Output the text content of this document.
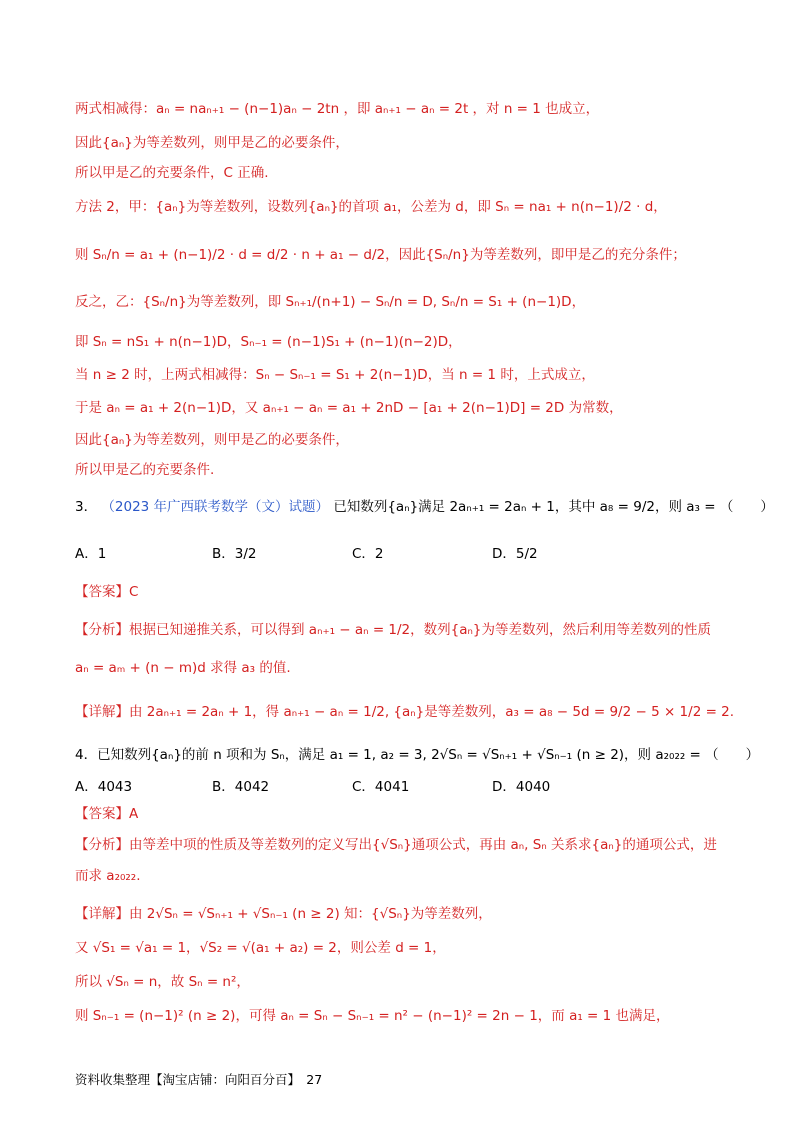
两式相减得：aₙ = naₙ₊₁ − (n−1)aₙ − 2tn ，即 aₙ₊₁ − aₙ = 2t ，对 n = 1 也成立，
因此{aₙ}为等差数列，则甲是乙的必要条件，
所以甲是乙的充要条件，C 正确.
方法 2，甲：{aₙ}为等差数列，设数列{aₙ}的首项 a₁，公差为 d，即 Sₙ = na₁ + n(n−1)/2 · d，
则 Sₙ/n = a₁ + (n−1)/2 · d = d/2 · n + a₁ − d/2，因此{Sₙ/n}为等差数列，即甲是乙的充分条件；
反之，乙：{Sₙ/n}为等差数列，即 Sₙ₊₁/(n+1) − Sₙ/n = D, Sₙ/n = S₁ + (n−1)D，
即 Sₙ = nS₁ + n(n−1)D，Sₙ₋₁ = (n−1)S₁ + (n−1)(n−2)D，
当 n ≥ 2 时，上两式相减得：Sₙ − Sₙ₋₁ = S₁ + 2(n−1)D，当 n = 1 时，上式成立，
于是 aₙ = a₁ + 2(n−1)D，又 aₙ₊₁ − aₙ = a₁ + 2nD − [a₁ + 2(n−1)D] = 2D 为常数，
因此{aₙ}为等差数列，则甲是乙的必要条件，
所以甲是乙的充要条件.
3． （2023 年广西联考数学（文）试题） 已知数列{aₙ}满足 2aₙ₊₁ = 2aₙ + 1，其中 a₈ = 9/2，则 a₃ = （　　）
A．1	B．3/2	C．2	D．5/2
【答案】C
【分析】根据已知递推关系，可以得到 aₙ₊₁ − aₙ = 1/2，数列{aₙ}为等差数列，然后利用等差数列的性质
aₙ = aₘ + (n − m)d 求得 a₃ 的值.
【详解】由 2aₙ₊₁ = 2aₙ + 1，得 aₙ₊₁ − aₙ = 1/2, {aₙ}是等差数列，a₃ = a₈ − 5d = 9/2 − 5 × 1/2 = 2.
4．已知数列{aₙ}的前 n 项和为 Sₙ，满足 a₁ = 1, a₂ = 3, 2√Sₙ = √Sₙ₊₁ + √Sₙ₋₁ (n ≥ 2)，则 a₂₀₂₂ = （　　）
A．4043	B．4042	C．4041	D．4040
【答案】A
【分析】由等差中项的性质及等差数列的定义写出{√Sₙ}通项公式，再由 aₙ, Sₙ 关系求{aₙ}的通项公式，进
而求 a₂₀₂₂.
【详解】由 2√Sₙ = √Sₙ₊₁ + √Sₙ₋₁ (n ≥ 2) 知：{√Sₙ}为等差数列，
又 √S₁ = √a₁ = 1，√S₂ = √(a₁ + a₂) = 2，则公差 d = 1，
所以 √Sₙ = n，故 Sₙ = n²，
则 Sₙ₋₁ = (n−1)² (n ≥ 2)，可得 aₙ = Sₙ − Sₙ₋₁ = n² − (n−1)² = 2n − 1，而 a₁ = 1 也满足，
资料收集整理【淘宝店铺：向阳百分百】　27
